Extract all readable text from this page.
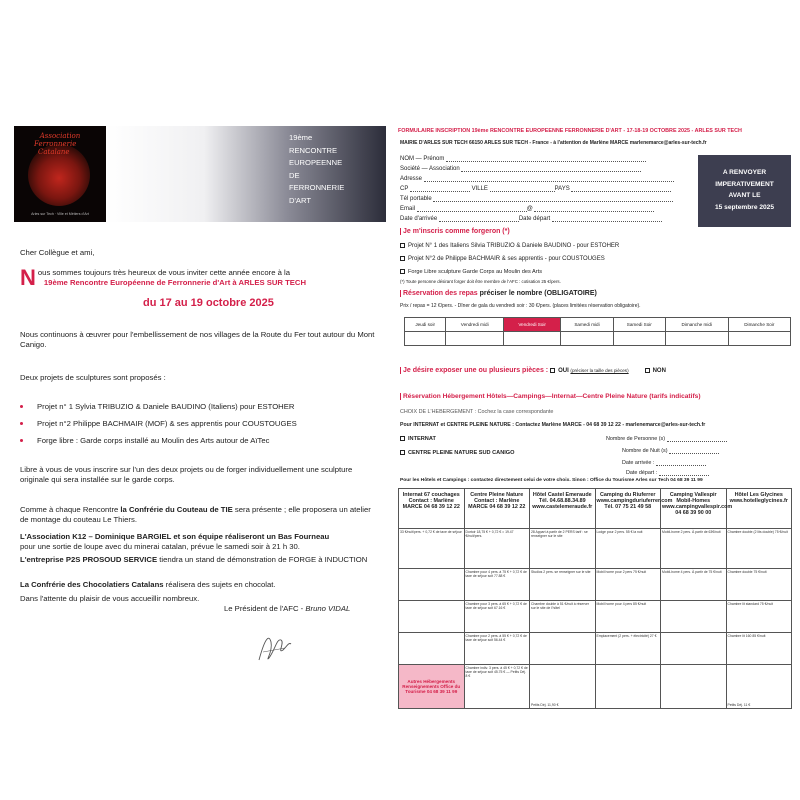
Association
Ferronnerie
Catalane
Arles sur Tech · Ville et Métiers d'Art
19ème
RENCONTRE
EUROPEENNE
DE
FERRONNERIE
D'ART
Cher Collègue et ami,
N ous sommes toujours très heureux de vous inviter cette année encore à la
19ème Rencontre Européenne de Ferronnerie d'Art à ARLES SUR TECH
du 17 au 19 octobre 2025
Nous continuons à œuvrer pour l'embellissement de nos villages de la Route du Fer tout autour du Mont Canigo.
Deux projets de sculptures sont proposés :
Projet n° 1 Sylvia TRIBUZIO & Daniele BAUDINO (Italiens) pour ESTOHER
Projet n°2 Philippe BACHMAIR (MOF) & ses apprentis pour COUSTOUGES
Forge libre : Garde corps installé au Moulin des Arts autour de AïTec
Libre à vous de vous inscrire sur l'un des deux projets ou de forger individuellement une sculpture originale qui sera installée sur le garde corps.
Comme à chaque Rencontre la Confrérie du Couteau de TIE sera présente ; elle proposera un atelier de montage du couteau Le Thiers.
L'Association K12 – Dominique BARGIEL et son équipe réaliseront un Bas Fourneau
pour une sortie de loupe avec du minerai catalan, prévue le samedi soir à 21 h 30.
L'entreprise P2S PROSOUD SERVICE tiendra un stand de démonstration de FORGE à INDUCTION
La Confrérie des Chocolatiers Catalans réalisera des sujets en chocolat.
Dans l'attente du plaisir de vous accueillir nombreux.
Le Président de l'AFC - Bruno VIDAL
FORMULAIRE INSCRIPTION 19ème RENCONTRE EUROPEENNE FERRONNERIE D'ART - 17-18-19 OCTOBRE 2025 - ARLES SUR TECH
MAIRIE D'ARLES SUR TECH 66150 ARLES SUR TECH - France - à l'attention de Marlène MARCE marlenemarce@arles-sur-tech.fr
NOM — Prénom
Société — Association
Adresse
CP	VILLE	PAYS
Tél portable
Email	@
Date d'arrivée	Date départ
A RENVOYER
IMPERATIVEMENT
AVANT LE
15 septembre 2025
Je m'inscris comme forgeron (*)
Projet N° 1 des Italiens Silvia TRIBUZIO & Daniele BAUDINO - pour ESTOHER
Projet N°2 de Philippe BACHMAIR & ses apprentis - pour COUSTOUGES
Forge Libre sculpture Garde Corps au Moulin des Arts
(*) Toute personne désirant forger doit être membre de l'AFC : cotisation 25 €/pers.
Réservation des repas préciser le nombre (OBLIGATOIRE)
Prix / repas = 12 €/pers. - Dîner de gala du vendredi soir : 30 €/pers. (places limitées réservation obligatoire).
Jeudi soir	Vendredi midi	Vendredi Soir	Samedi midi	Samedi Soir	Dimanche midi	Dimanche Soir

Je désire exposer une ou plusieurs pièces : OUI (préciser la taille des pièces)	NON
Réservation Hébergement Hôtels—Campings—Internat—Centre Pleine Nature (tarifs indicatifs)
CHOIX DE L'HEBERGEMENT : Cochez la case correspondante
Pour INTERNAT et CENTRE PLEINE NATURE : Contactez Marlène MARCE - 04 68 39 12 22 - marlenemarce@arles-sur-tech.fr
INTERNAT
CENTRE PLEINE NATURE SUD CANIGO
Nombre de Personne (s)
Nombre de Nuit (s)
Date arrivée :
Date départ :
Pour les Hôtels et Campings : contactez directement celui de votre choix. Sinon : Office du Tourisme Arles sur Tech 04 68 39 11 99
Internat 67 couchages Contact : Marlène MARCE 04 68 39 12 22	Centre Pleine Nature Contact : Marlène MARCE 04 68 39 12 22	Hôtel Castel Emeraude Tél. 04.68.88.34.89 www.castelemeraude.fr	Camping du Riuferrer www.campingduriuferrer.com Tél. 07 75 21 49 58	Camping Vallespir Mobil-Homes www.campingvallespir.com 04 68 39 90 00	Hôtel Les Glycines www.hotelleglycines.fr
33 €/nuit/pers. + 0,72 € de taxe de séjour	Dortoir 18,75 € + 0,72 € = 19.47 €/nuit/pers.	28 Appart à partir de 2 PERS tarif : se renseigner sur le site	Lodge pour 2 pers. 55 € la nuit	Mobil-home 2 pers. À partir de 63€/nuit	Chambre double (2 lits double) 75 €/nuit
	Chambre pour 4 pers. à 75 € + 0,72 € de taxe de séjour soit 77.88 €	Studios 2 pers. se renseigner sur le site	Mobil home pour 2 pers 75 €/nuit	Mobil-home 4 pers. À partir de 75 €/nuit	Chambre double 75 €/nuit
	Chambre pour 3 pers. à 65 € + 0,72 € de taxe de séjour soit 67.16 €	Chambre double à 51 €/nuit à réserver sur le site de l'hôtel	Mobil home pour 4 pers 85 €/nuit		Chambre lit standard 75 €/nuit
	Chambre pour 2 pers. à 55 € + 0,72 € de taxe de séjour soit 56.44 €		Emplacement (2 pers. + électricité) 27 €		Chambre lit 160 85 €/nuit
Autres Hébergements Renseignements Office du Tourisme 04 68 39 11 99	Chambre indiv. 3 pers. à 45 € + 0,72 € de taxe de séjour soit 45.75 € — Petits Déj. 8 €	Petits Déj. 11,90 €			Petits Déj. 11 €
